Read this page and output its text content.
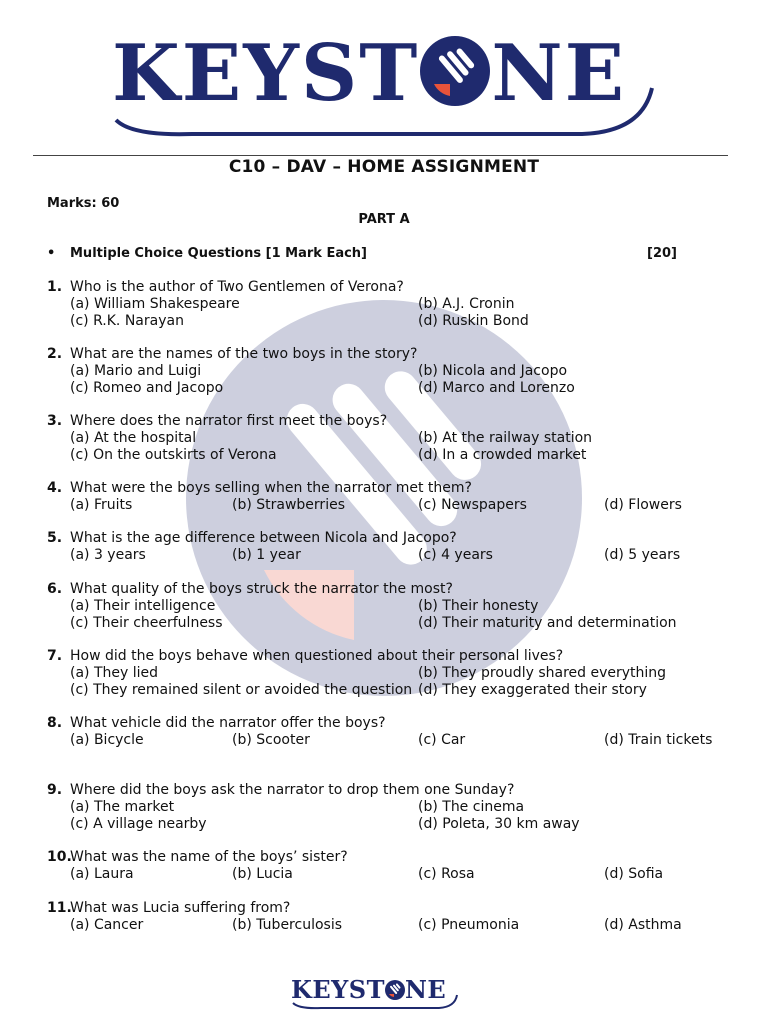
KEYST NE
C10 – DAV – HOME ASSIGNMENT
Marks: 60
PART A
• Multiple Choice Questions [1 Mark Each]	[20]
1. Who is the author of Two Gentlemen of Verona?
(a) William Shakespeare	(b) A.J. Cronin
(c) R.K. Narayan	(d) Ruskin Bond
2. What are the names of the two boys in the story?
(a) Mario and Luigi	(b) Nicola and Jacopo
(c) Romeo and Jacopo	(d) Marco and Lorenzo
3. Where does the narrator first meet the boys?
(a) At the hospital	(b) At the railway station
(c) On the outskirts of Verona	(d) In a crowded market
4. What were the boys selling when the narrator met them?
(a) Fruits	(b) Strawberries	(c) Newspapers	(d) Flowers
5. What is the age difference between Nicola and Jacopo?
(a) 3 years	(b) 1 year	(c) 4 years	(d) 5 years
6. What quality of the boys struck the narrator the most?
(a) Their intelligence	(b) Their honesty
(c) Their cheerfulness	(d) Their maturity and determination
7. How did the boys behave when questioned about their personal lives?
(a) They lied	(b) They proudly shared everything
(c) They remained silent or avoided the question (d) They exaggerated their story
8. What vehicle did the narrator offer the boys?
(a) Bicycle	(b) Scooter	(c) Car	(d) Train tickets
9. Where did the boys ask the narrator to drop them one Sunday?
(a) The market	(b) The cinema
(c) A village nearby	(d) Poleta, 30 km away
10.
What was the name of the boys’ sister?
(a) Laura	(b) Lucia	(c) Rosa	(d) Sofia
11.
What was Lucia suffering from?
(a) Cancer	(b) Tuberculosis	(c) Pneumonia	(d) Asthma
KEYST NE
